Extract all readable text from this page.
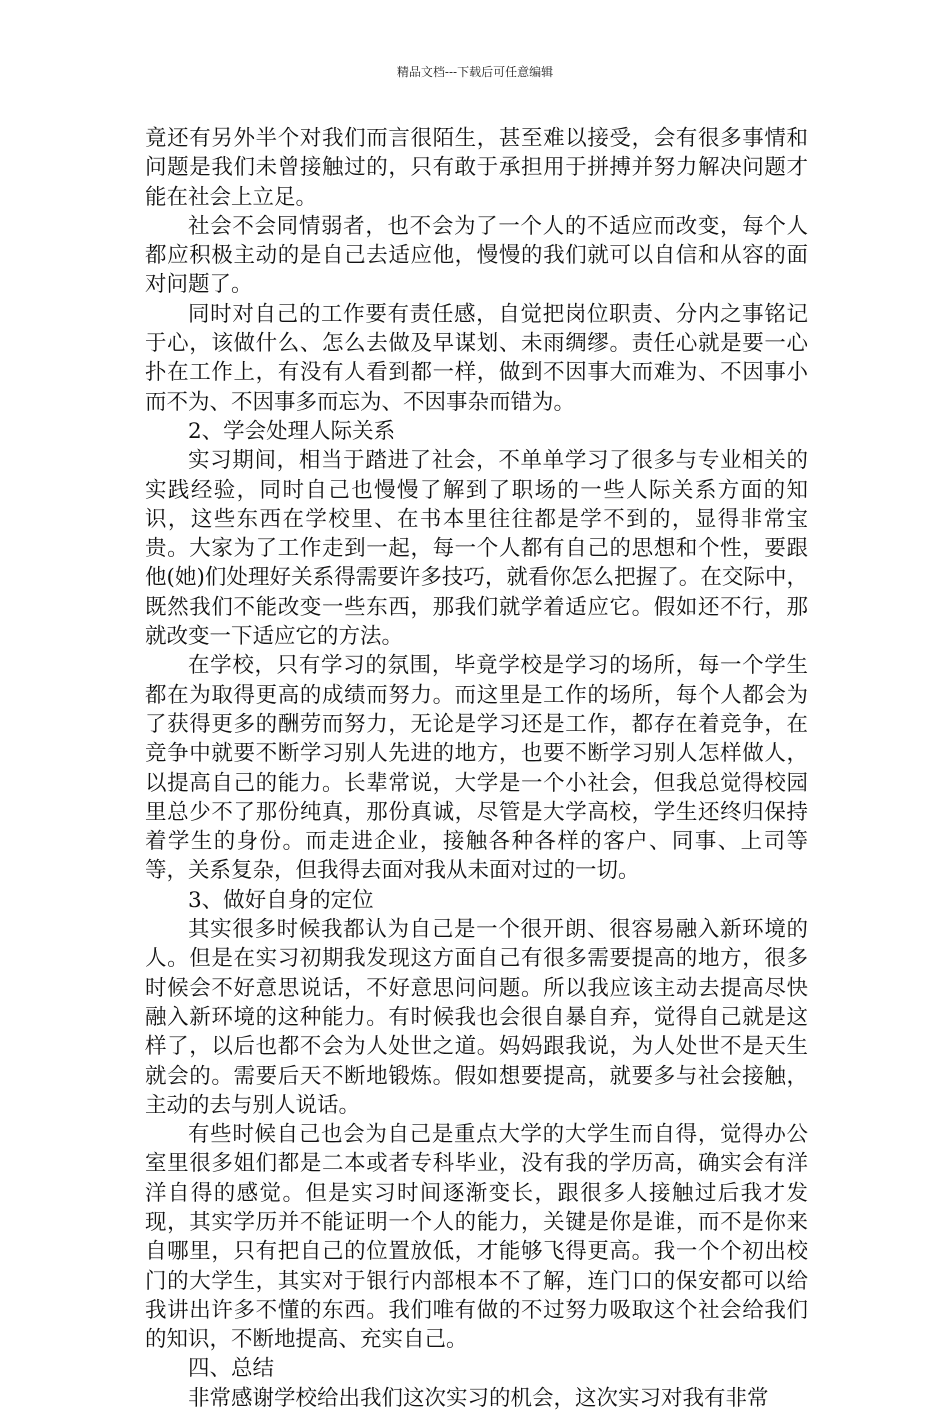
精品文档---下载后可任意编辑

竟还有另外半个对我们而言很陌生，甚至难以接受，会有很多事情和问题是我们未曾接触过的，只有敢于承担用于拼搏并努力解决问题才能在社会上立足。

社会不会同情弱者，也不会为了一个人的不适应而改变，每个人都应积极主动的是自己去适应他，慢慢的我们就可以自信和从容的面对问题了。

同时对自己的工作要有责任感，自觉把岗位职责、分内之事铭记于心，该做什么、怎么去做及早谋划、未雨绸缪。责任心就是要一心扑在工作上，有没有人看到都一样，做到不因事大而难为、不因事小而不为、不因事多而忘为、不因事杂而错为。

2、学会处理人际关系

实习期间，相当于踏进了社会，不单单学习了很多与专业相关的实践经验，同时自己也慢慢了解到了职场的一些人际关系方面的知识，这些东西在学校里、在书本里往往都是学不到的，显得非常宝贵。大家为了工作走到一起，每一个人都有自己的思想和个性，要跟他(她)们处理好关系得需要许多技巧，就看你怎么把握了。在交际中，既然我们不能改变一些东西，那我们就学着适应它。假如还不行，那就改变一下适应它的方法。

在学校，只有学习的氛围，毕竟学校是学习的场所，每一个学生都在为取得更高的成绩而努力。而这里是工作的场所，每个人都会为了获得更多的酬劳而努力，无论是学习还是工作，都存在着竞争，在竞争中就要不断学习别人先进的地方，也要不断学习别人怎样做人，以提高自己的能力。长辈常说，大学是一个小社会，但我总觉得校园里总少不了那份纯真，那份真诚，尽管是大学高校，学生还终归保持着学生的身份。而走进企业，接触各种各样的客户、同事、上司等等，关系复杂，但我得去面对我从未面对过的一切。

3、做好自身的定位

其实很多时候我都认为自己是一个很开朗、很容易融入新环境的人。但是在实习初期我发现这方面自己有很多需要提高的地方，很多时候会不好意思说话，不好意思问问题。所以我应该主动去提高尽快融入新环境的这种能力。有时候我也会很自暴自弃，觉得自己就是这样了，以后也都不会为人处世之道。妈妈跟我说，为人处世不是天生就会的。需要后天不断地锻炼。假如想要提高，就要多与社会接触，主动的去与别人说话。

有些时候自己也会为自己是重点大学的大学生而自得，觉得办公室里很多姐们都是二本或者专科毕业，没有我的学历高，确实会有洋洋自得的感觉。但是实习时间逐渐变长，跟很多人接触过后我才发现，其实学历并不能证明一个人的能力，关键是你是谁，而不是你来自哪里，只有把自己的位置放低，才能够飞得更高。我一个个初出校门的大学生，其实对于银行内部根本不了解，连门口的保安都可以给我讲出许多不懂的东西。我们唯有做的不过努力吸取这个社会给我们的知识，不断地提高、充实自己。

四、总结

非常感谢学校给出我们这次实习的机会，这次实习对我有非常
